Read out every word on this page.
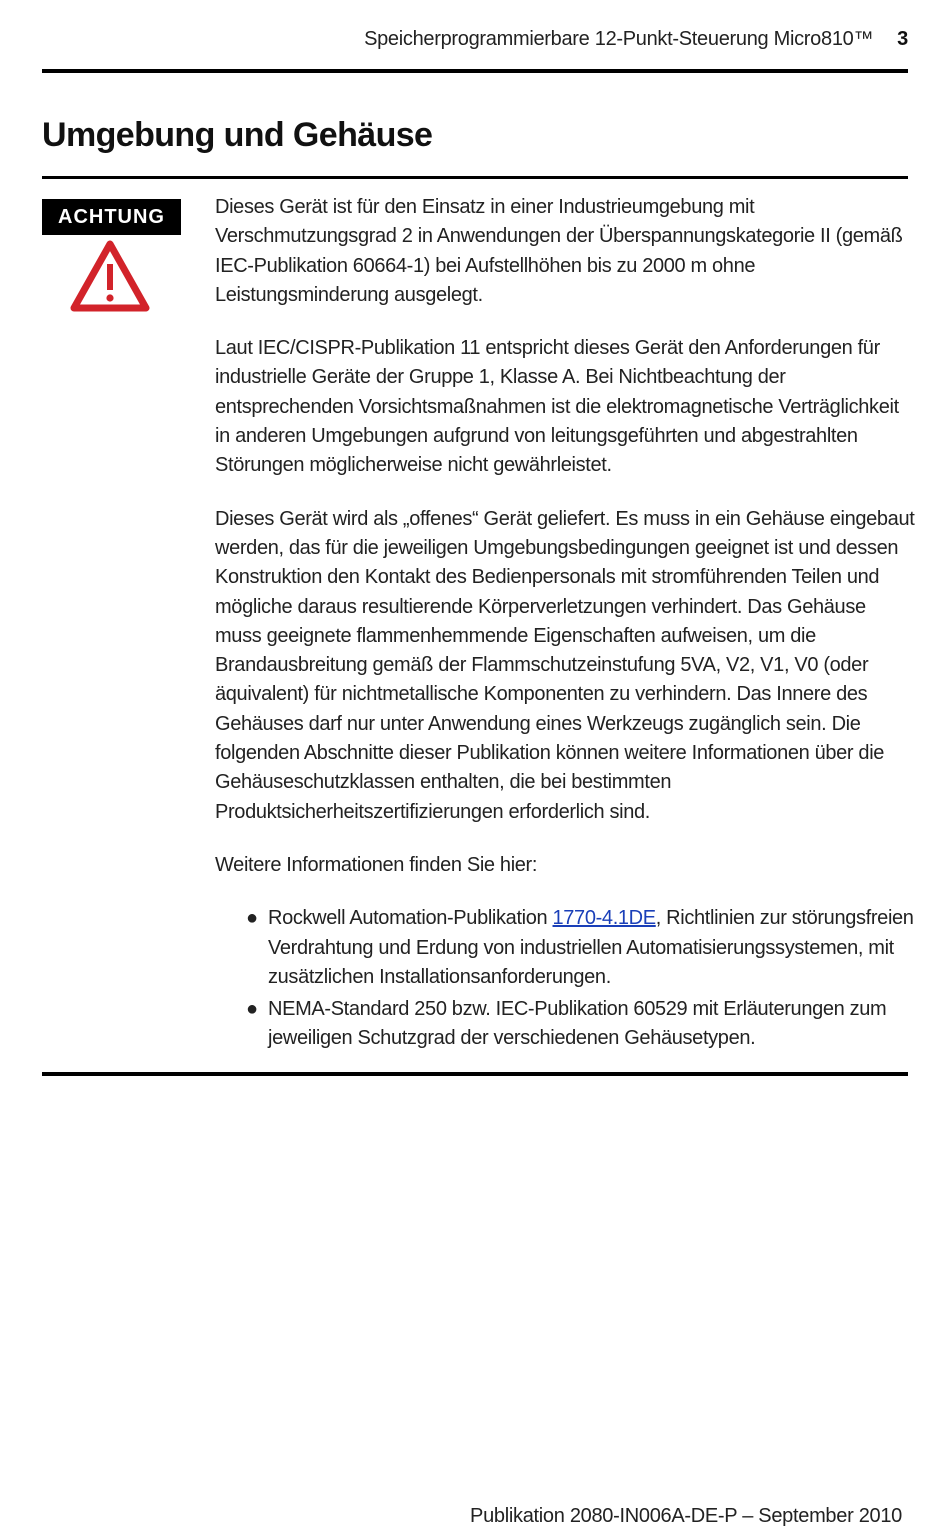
Speicherprogrammierbare 12-Punkt-Steuerung Micro810™ 3
Umgebung und Gehäuse
ACHTUNG	Dieses Gerät ist für den Einsatz in einer Industrieumgebung mit Verschmutzungsgrad 2 in Anwendungen der Überspannungskategorie II (gemäß IEC-Publikation 60664-1) bei Aufstellhöhen bis zu 2000 m ohne Leistungsminderung ausgelegt.

Laut IEC/CISPR-Publikation 11 entspricht dieses Gerät den Anforderungen für industrielle Geräte der Gruppe 1, Klasse A. Bei Nichtbeachtung der entsprechenden Vorsichtsmaßnahmen ist die elektromagnetische Verträglichkeit in anderen Umgebungen aufgrund von leitungsgeführten und abgestrahlten Störungen möglicherweise nicht gewährleistet.

Dieses Gerät wird als „offenes“ Gerät geliefert. Es muss in ein Gehäuse eingebaut werden, das für die jeweiligen Umgebungsbedingungen geeignet ist und dessen Konstruktion den Kontakt des Bedienpersonals mit stromführenden Teilen und mögliche daraus resultierende Körperverletzungen verhindert. Das Gehäuse muss geeignete flammenhemmende Eigenschaften aufweisen, um die Brandausbreitung gemäß der Flammschutzeinstufung 5VA, V2, V1, V0 (oder äquivalent) für nichtmetallische Komponenten zu verhindern. Das Innere des Gehäuses darf nur unter Anwendung eines Werkzeugs zugänglich sein. Die folgenden Abschnitte dieser Publikation können weitere Informationen über die Gehäuseschutzklassen enthalten, die bei bestimmten Produktsicherheitszertifizierungen erforderlich sind.

Weitere Informationen finden Sie hier:

● Rockwell Automation-Publikation 1770-4.1DE, Richtlinien zur störungsfreien Verdrahtung und Erdung von industriellen Automatisierungssystemen, mit zusätzlichen Installationsanforderungen.
● NEMA-Standard 250 bzw. IEC-Publikation 60529 mit Erläuterungen zum jeweiligen Schutzgrad der verschiedenen Gehäusetypen.
Publikation 2080-IN006A-DE-P – September 2010
